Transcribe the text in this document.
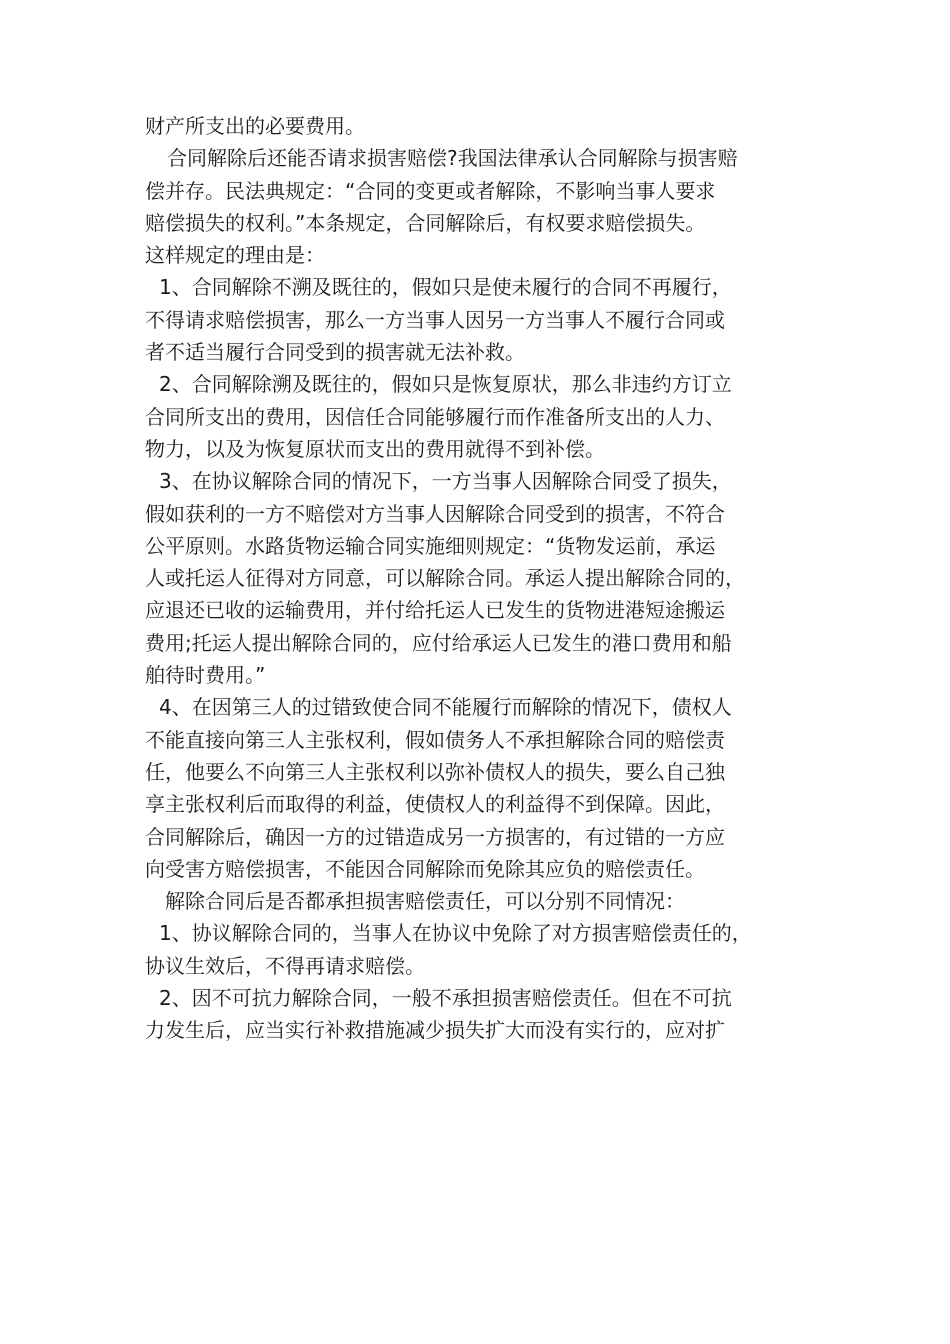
财产所支出的必要费用。
合同解除后还能否请求损害赔偿?我国法律承认合同解除与损害赔
偿并存。民法典规定：“合同的变更或者解除，不影响当事人要求
赔偿损失的权利。”本条规定，合同解除后，有权要求赔偿损失。
这样规定的理由是：
1、合同解除不溯及既往的，假如只是使未履行的合同不再履行，
不得请求赔偿损害，那么一方当事人因另一方当事人不履行合同或
者不适当履行合同受到的损害就无法补救。
2、合同解除溯及既往的，假如只是恢复原状，那么非违约方订立
合同所支出的费用，因信任合同能够履行而作准备所支出的人力、
物力，以及为恢复原状而支出的费用就得不到补偿。
3、在协议解除合同的情况下，一方当事人因解除合同受了损失，
假如获利的一方不赔偿对方当事人因解除合同受到的损害，不符合
公平原则。水路货物运输合同实施细则规定：“货物发运前，承运
人或托运人征得对方同意，可以解除合同。承运人提出解除合同的，
应退还已收的运输费用，并付给托运人已发生的货物进港短途搬运
费用;托运人提出解除合同的，应付给承运人已发生的港口费用和船
舶待时费用。”
4、在因第三人的过错致使合同不能履行而解除的情况下，债权人
不能直接向第三人主张权利，假如债务人不承担解除合同的赔偿责
任，他要么不向第三人主张权利以弥补债权人的损失，要么自己独
享主张权利后而取得的利益，使债权人的利益得不到保障。因此，
合同解除后，确因一方的过错造成另一方损害的，有过错的一方应
向受害方赔偿损害，不能因合同解除而免除其应负的赔偿责任。
解除合同后是否都承担损害赔偿责任，可以分别不同情况：
1、协议解除合同的，当事人在协议中免除了对方损害赔偿责任的，
协议生效后，不得再请求赔偿。
2、因不可抗力解除合同，一般不承担损害赔偿责任。但在不可抗
力发生后，应当实行补救措施减少损失扩大而没有实行的，应对扩
